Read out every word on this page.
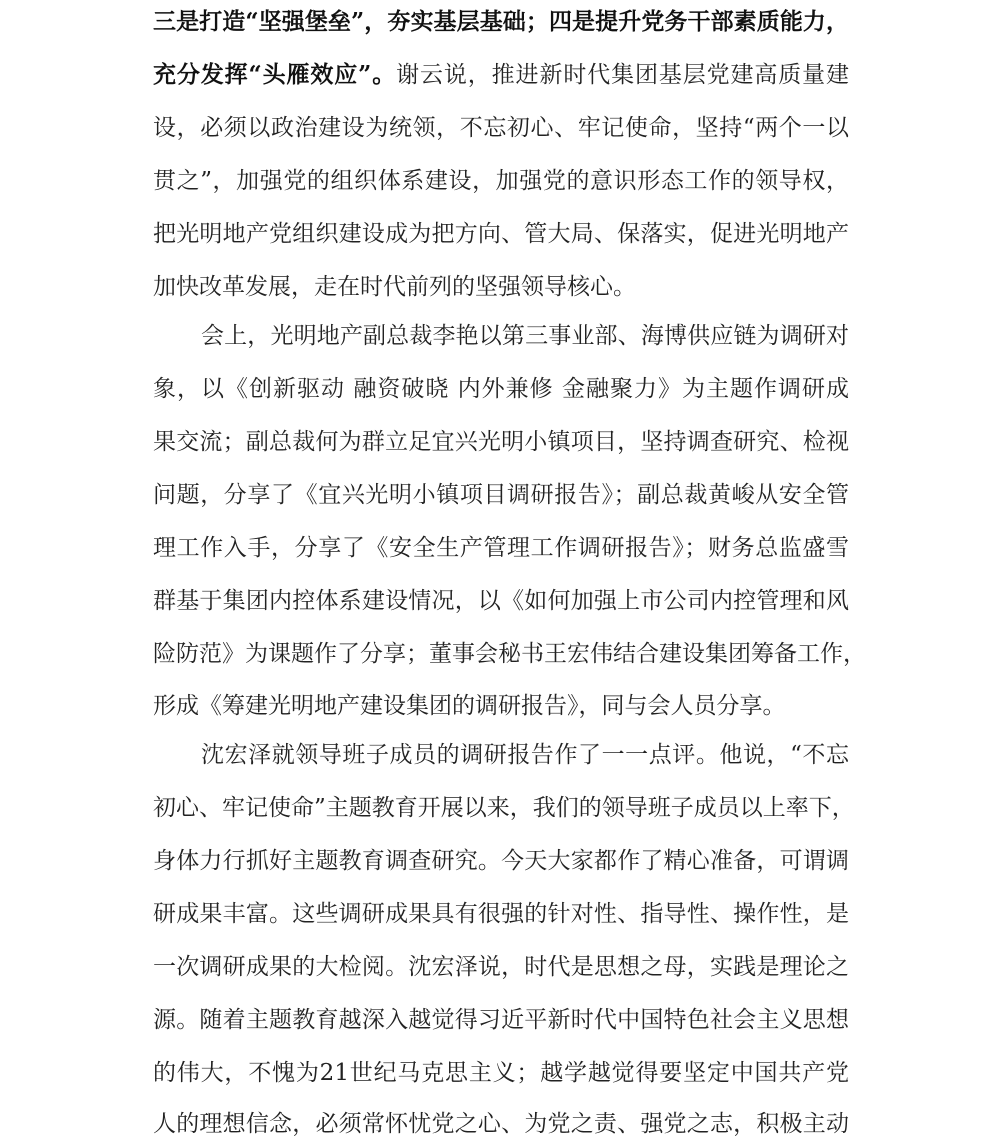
三是打造“坚强堡垒”，夯实基层基础；四是提升党务干部素质能力，
充分发挥“头雁效应”。谢云说，推进新时代集团基层党建高质量建
设，必须以政治建设为统领，不忘初心、牢记使命，坚持“两个一以
贯之”，加强党的组织体系建设，加强党的意识形态工作的领导权，
把光明地产党组织建设成为把方向、管大局、保落实，促进光明地产
加快改革发展，走在时代前列的坚强领导核心。
会上，光明地产副总裁李艳以第三事业部、海博供应链为调研对
象，以《创新驱动 融资破晓 内外兼修 金融聚力》为主题作调研成
果交流；副总裁何为群立足宜兴光明小镇项目，坚持调查研究、检视
问题，分享了《宜兴光明小镇项目调研报告》；副总裁黄峻从安全管
理工作入手，分享了《安全生产管理工作调研报告》；财务总监盛雪
群基于集团内控体系建设情况，以《如何加强上市公司内控管理和风
险防范》为课题作了分享；董事会秘书王宏伟结合建设集团筹备工作，
形成《筹建光明地产建设集团的调研报告》，同与会人员分享。
沈宏泽就领导班子成员的调研报告作了一一点评。他说，“不忘
初心、牢记使命”主题教育开展以来，我们的领导班子成员以上率下，
身体力行抓好主题教育调查研究。今天大家都作了精心准备，可谓调
研成果丰富。这些调研成果具有很强的针对性、指导性、操作性，是
一次调研成果的大检阅。沈宏泽说，时代是思想之母，实践是理论之
源。随着主题教育越深入越觉得习近平新时代中国特色社会主义思想
的伟大，不愧为21世纪马克思主义；越学越觉得要坚定中国共产党
人的理想信念，必须常怀忧党之心、为党之责、强党之志，积极主动
